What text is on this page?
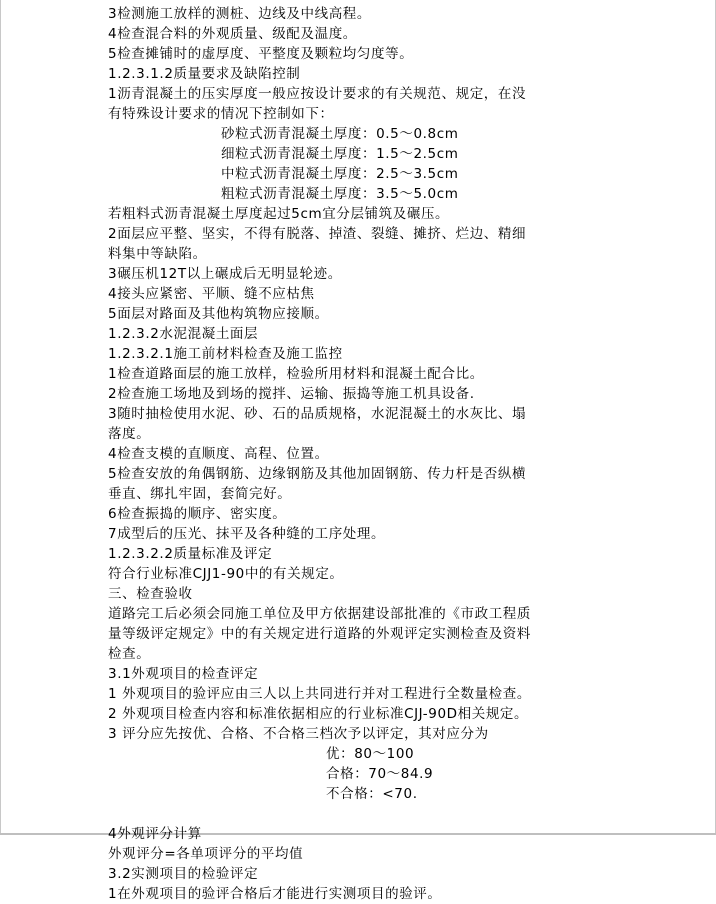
3检测施工放样的测桩、边线及中线高程。
4检查混合料的外观质量、级配及温度。
5检查摊铺时的虚厚度、平整度及颗粒均匀度等。
1.2.3.1.2质量要求及缺陷控制
1沥青混凝土的压实厚度一般应按设计要求的有关规范、规定，在没
有特殊设计要求的情况下控制如下：
砂粒式沥青混凝土厚度：0.5～0.8cm
细粒式沥青混凝土厚度：1.5～2.5cm
中粒式沥青混凝土厚度：2.5～3.5cm
粗粒式沥青混凝土厚度：3.5～5.0cm
若粗料式沥青混凝土厚度起过5cm宜分层铺筑及碾压。
2面层应平整、坚实，不得有脱落、掉渣、裂缝、摊挤、烂边、精细
料集中等缺陷。
3碾压机12T以上碾成后无明显轮迹。
4接头应紧密、平顺、缝不应枯焦
5面层对路面及其他构筑物应接顺。
1.2.3.2水泥混凝土面层
1.2.3.2.1施工前材料检查及施工监控
1检查道路面层的施工放样，检验所用材料和混凝土配合比。
2检查施工场地及到场的搅拌、运输、振捣等施工机具设备.
3随时抽检使用水泥、砂、石的品质规格，水泥混凝土的水灰比、塌
落度。
4检查支模的直顺度、高程、位置。
5检查安放的角偶钢筋、边缘钢筋及其他加固钢筋、传力杆是否纵横
垂直、绑扎牢固，套简完好。
6检查振捣的顺序、密实度。
7成型后的压光、抹平及各种缝的工序处理。
1.2.3.2.2质量标准及评定
符合行业标准CJJ1-90中的有关规定。
三、检查验收
道路完工后必须会同施工单位及甲方依据建设部批准的《市政工程质
量等级评定规定》中的有关规定进行道路的外观评定实测检查及资料
检查。
3.1外观项目的检查评定
1 外观项目的验评应由三人以上共同进行并对工程进行全数量检查。
2 外观项目检查内容和标准依据相应的行业标准CJJ-90D相关规定。
3 评分应先按优、合格、不合格三档次予以评定，其对应分为
优：80～100
合格：70～84.9
不合格：<70.
4外观评分计算
外观评分=各单项评分的平均值
3.2实测项目的检验评定
1在外观项目的验评合格后才能进行实测项目的验评。
